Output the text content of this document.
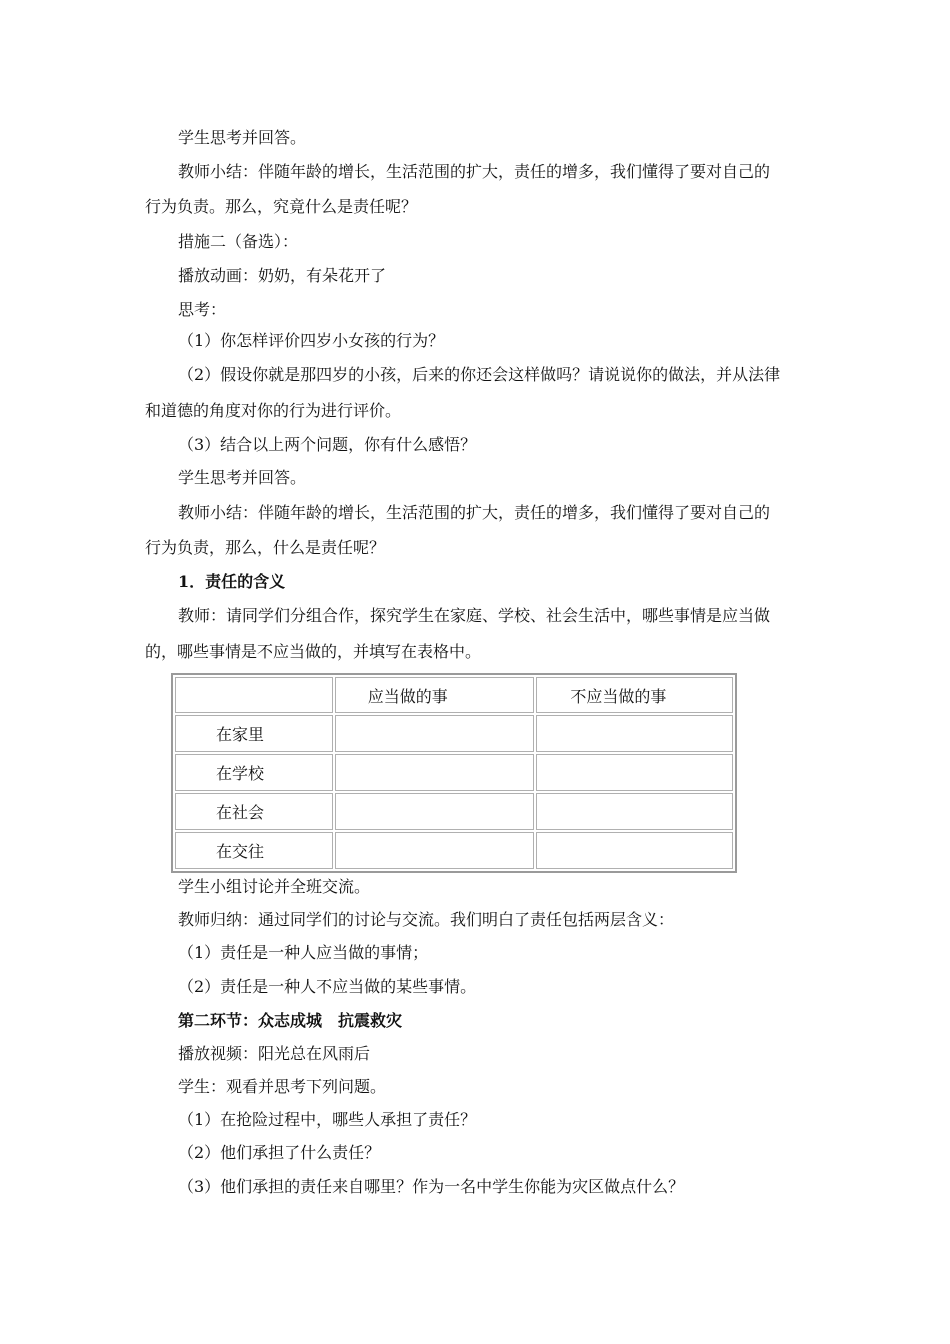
学生思考并回答。
教师小结：伴随年龄的增长，生活范围的扩大，责任的增多，我们懂得了要对自己的
行为负责。那么，究竟什么是责任呢？
措施二（备选）：
播放动画：奶奶，有朵花开了
思考：
（1）你怎样评价四岁小女孩的行为？
（2）假设你就是那四岁的小孩，后来的你还会这样做吗？请说说你的做法，并从法律
和道德的角度对你的行为进行评价。
（3）结合以上两个问题，你有什么感悟？
学生思考并回答。
教师小结：伴随年龄的增长，生活范围的扩大，责任的增多，我们懂得了要对自己的
行为负责，那么，什么是责任呢？
1．责任的含义
教师：请同学们分组合作，探究学生在家庭、学校、社会生活中，哪些事情是应当做
的，哪些事情是不应当做的，并填写在表格中。
	应当做的事	不应当做的事
在家里		
在学校		
在社会		
在交往		
学生小组讨论并全班交流。
教师归纳：通过同学们的讨论与交流。我们明白了责任包括两层含义：
（1）责任是一种人应当做的事情；
（2）责任是一种人不应当做的某些事情。
第二环节：众志成城　抗震救灾
播放视频：阳光总在风雨后
学生：观看并思考下列问题。
（1）在抢险过程中，哪些人承担了责任？
（2）他们承担了什么责任？
（3）他们承担的责任来自哪里？作为一名中学生你能为灾区做点什么？
